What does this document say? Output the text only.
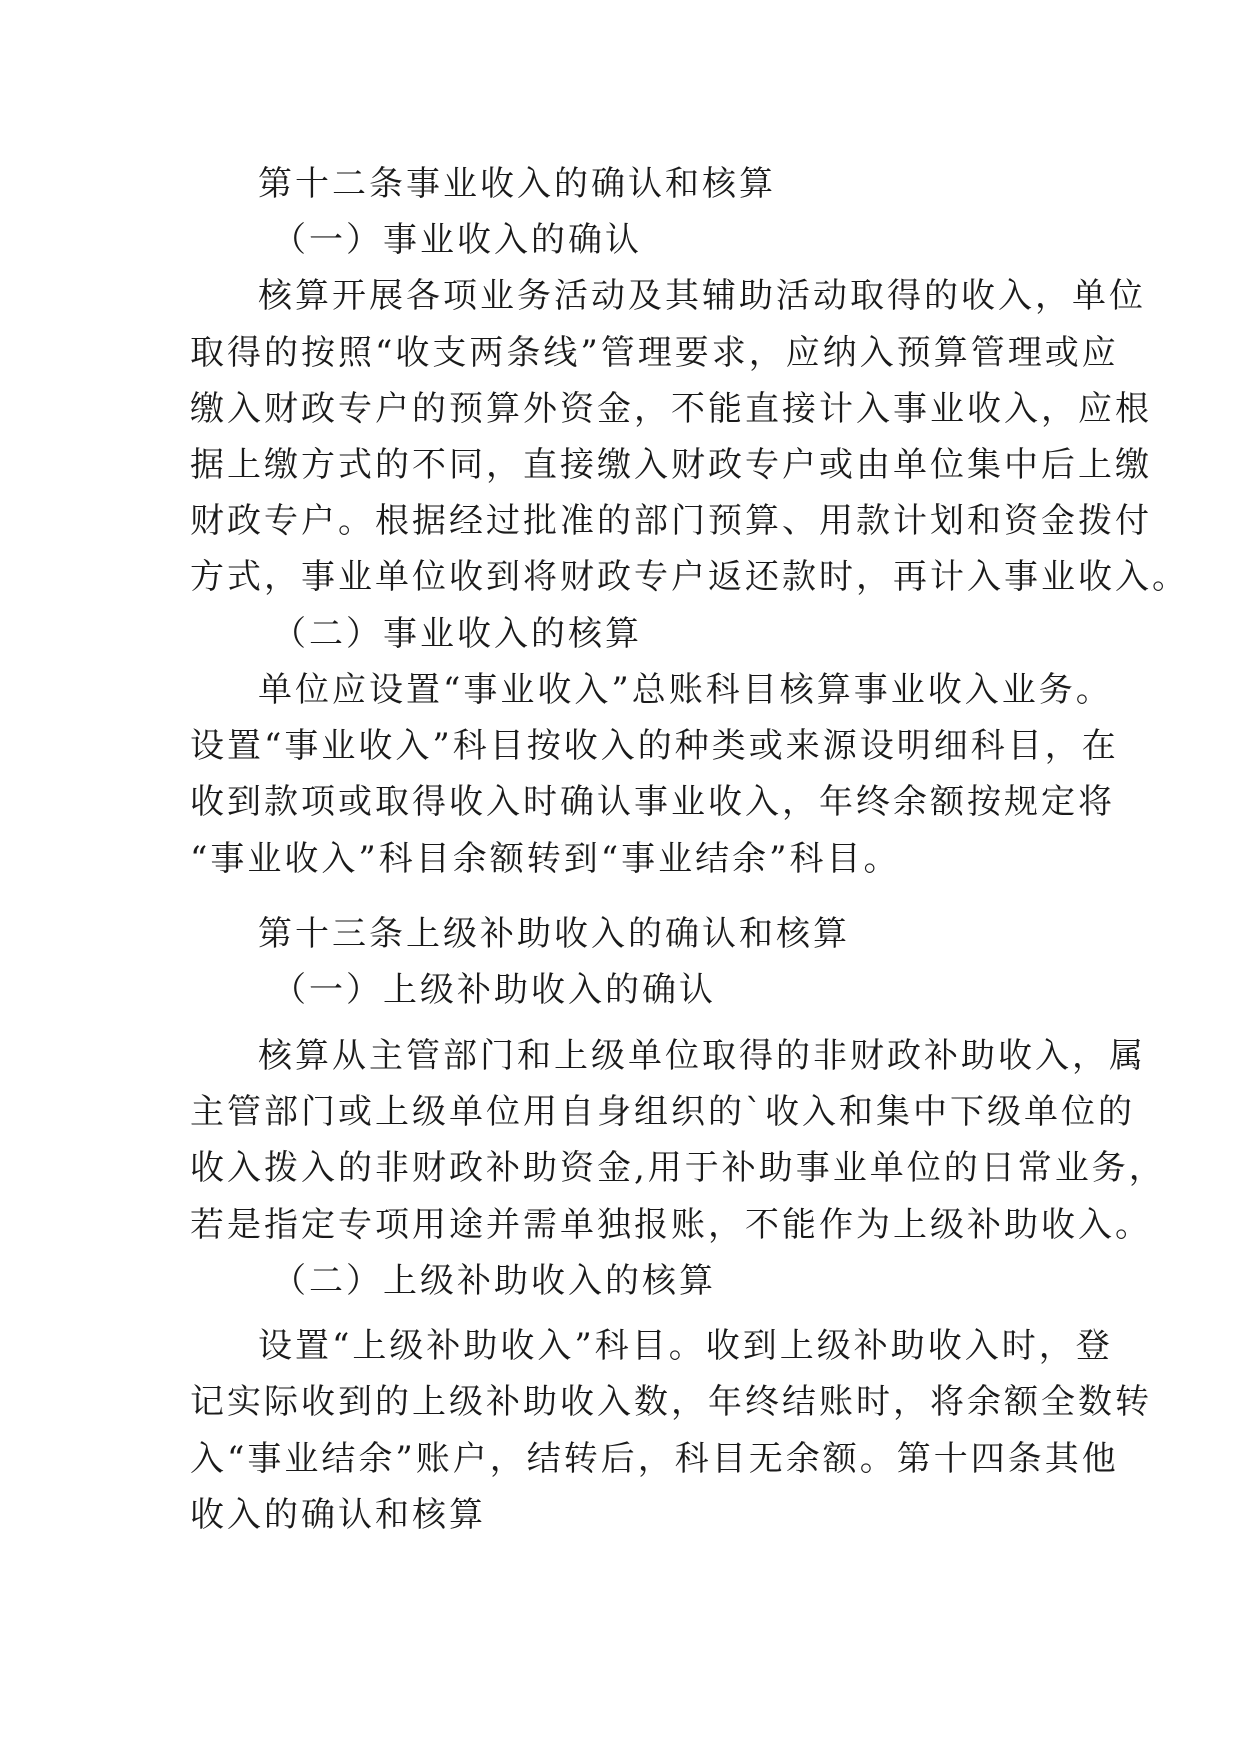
第十二条事业收入的确认和核算
（一）事业收入的确认
核算开展各项业务活动及其辅助活动取得的收入，单位
取得的按照“收支两条线”管理要求，应纳入预算管理或应
缴入财政专户的预算外资金，不能直接计入事业收入，应根
据上缴方式的不同，直接缴入财政专户或由单位集中后上缴
财政专户。根据经过批准的部门预算、用款计划和资金拨付
方式，事业单位收到将财政专户返还款时，再计入事业收入。
（二）事业收入的核算
单位应设置“事业收入”总账科目核算事业收入业务。
设置“事业收入”科目按收入的种类或来源设明细科目，在
收到款项或取得收入时确认事业收入，年终余额按规定将
“事业收入”科目余额转到“事业结余”科目。
第十三条上级补助收入的确认和核算
（一）上级补助收入的确认
核算从主管部门和上级单位取得的非财政补助收入，属
主管部门或上级单位用自身组织的`收入和集中下级单位的
收入拨入的非财政补助资金,用于补助事业单位的日常业务，
若是指定专项用途并需单独报账，不能作为上级补助收入。
（二）上级补助收入的核算
设置“上级补助收入”科目。收到上级补助收入时，登
记实际收到的上级补助收入数，年终结账时，将余额全数转
入“事业结余”账户，结转后，科目无余额。第十四条其他
收入的确认和核算
